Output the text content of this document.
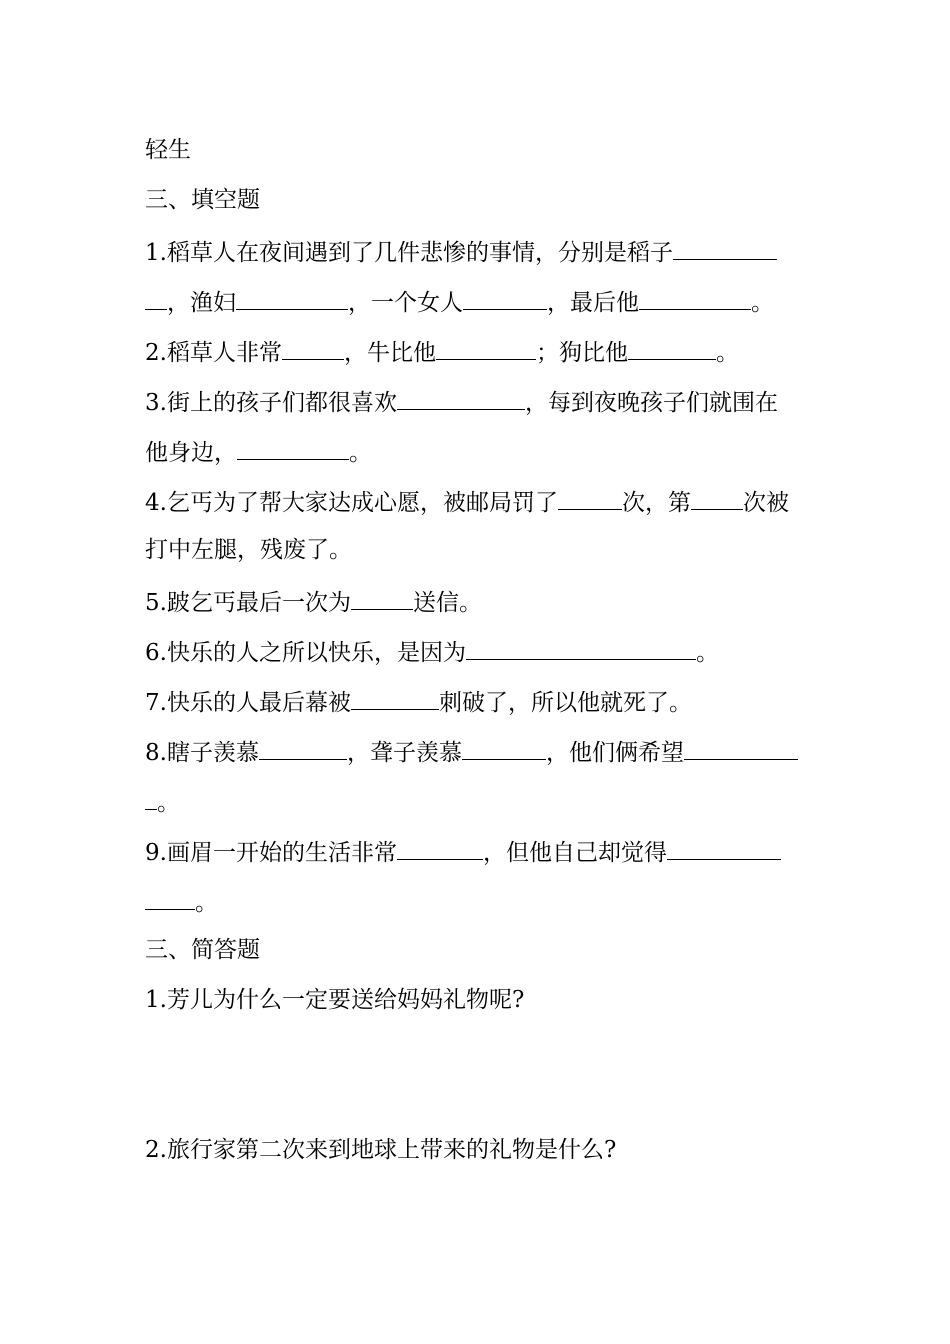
轻生
三、填空题
1.稻草人在夜间遇到了几件悲惨的事情，分别是稻子
，渔妇	，一个女人	，最后他	。
2.稻草人非常	，牛比他	；狗比他	。
3.街上的孩子们都很喜欢	，每到夜晚孩子们就围在
他身边，	。
4.乞丐为了帮大家达成心愿，被邮局罚了	次，第 次被
打中左腿，残废了。
5.跛乞丐最后一次为	送信。
6.快乐的人之所以快乐，是因为	。
7.快乐的人最后幕被	刺破了，所以他就死了。
8.瞎子羡慕	，聋子羡慕	，他们俩希望
。
9.画眉一开始的生活非常	，但他自己却觉得
。
三、简答题
1.芳儿为什么一定要送给妈妈礼物呢?
2.旅行家第二次来到地球上带来的礼物是什么?
